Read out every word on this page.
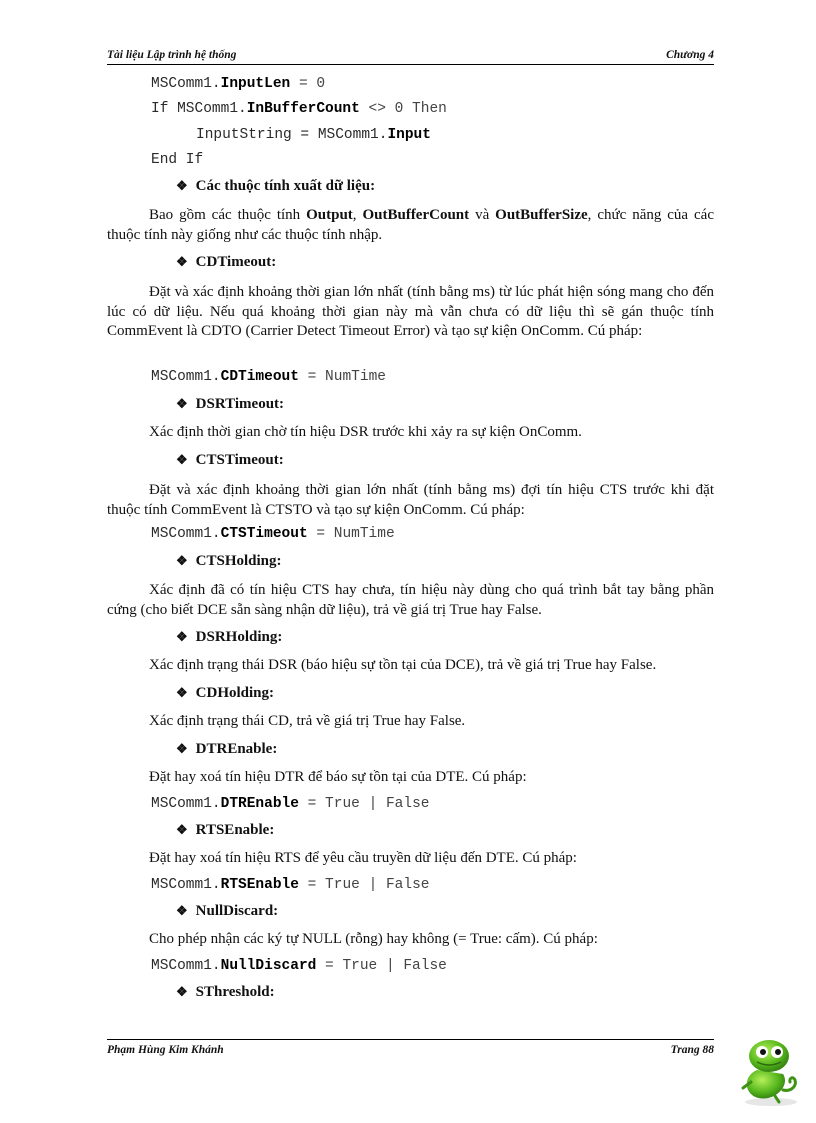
Tài liệu Lập trình hệ thống	Chương 4
MSComm1.InputLen = 0
If MSComm1.InBufferCount <> 0 Then
InputString = MSComm1.Input
End If
❖ Các thuộc tính xuất dữ liệu:
Bao gồm các thuộc tính Output, OutBufferCount và OutBufferSize, chức năng của các thuộc tính này giống như các thuộc tính nhập.
❖ CDTimeout:
Đặt và xác định khoảng thời gian lớn nhất (tính bằng ms) từ lúc phát hiện sóng mang cho đến lúc có dữ liệu. Nếu quá khoảng thời gian này mà vẫn chưa có dữ liệu thì sẽ gán thuộc tính CommEvent là CDTO (Carrier Detect Timeout Error) và tạo sự kiện OnComm. Cú pháp:
MSComm1.CDTimeout = NumTime
❖ DSRTimeout:
Xác định thời gian chờ tín hiệu DSR trước khi xảy ra sự kiện OnComm.
❖ CTSTimeout:
Đặt và xác định khoảng thời gian lớn nhất (tính bằng ms) đợi tín hiệu CTS trước khi đặt thuộc tính CommEvent là CTSTO và tạo sự kiện OnComm. Cú pháp:
MSComm1.CTSTimeout = NumTime
❖ CTSHolding:
Xác định đã có tín hiệu CTS hay chưa, tín hiệu này dùng cho quá trình bắt tay bằng phần cứng (cho biết DCE sẵn sàng nhận dữ liệu), trả về giá trị True hay False.
❖ DSRHolding:
Xác định trạng thái DSR (báo hiệu sự tồn tại của DCE), trả về giá trị True hay False.
❖ CDHolding:
Xác định trạng thái CD, trả về giá trị True hay False.
❖ DTREnable:
Đặt hay xoá tín hiệu DTR để báo sự tồn tại của DTE. Cú pháp:
MSComm1.DTREnable = True | False
❖ RTSEnable:
Đặt hay xoá tín hiệu RTS để yêu cầu truyền dữ liệu đến DTE. Cú pháp:
MSComm1.RTSEnable = True | False
❖ NullDiscard:
Cho phép nhận các ký tự NULL (rỗng) hay không (= True: cấm). Cú pháp:
MSComm1.NullDiscard = True | False
❖ SThreshold:
Phạm Hùng Kim Khánh	Trang 88
